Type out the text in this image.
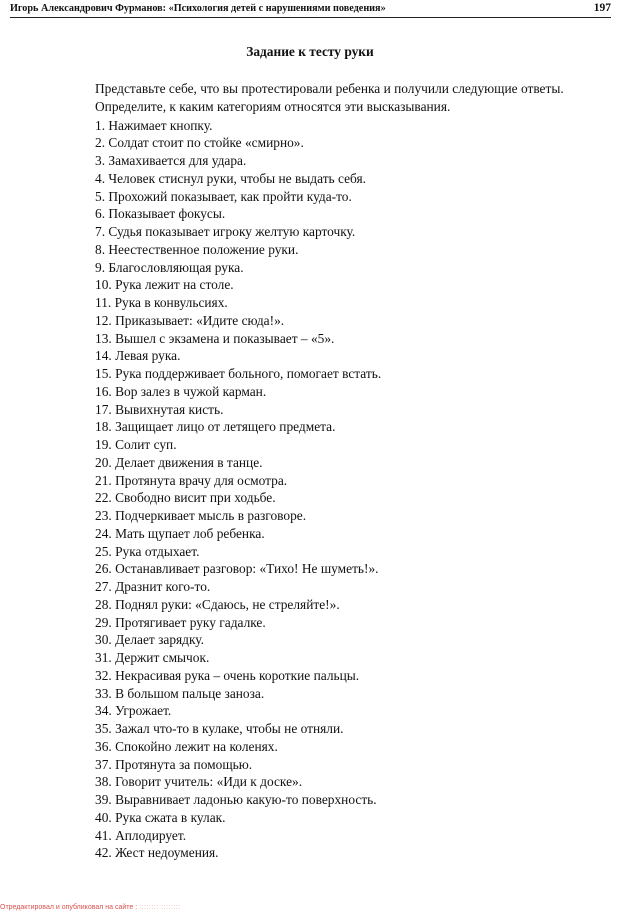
Игорь Александрович Фурманов: «Психология детей с нарушениями поведения»	197
Задание к тесту руки

Представьте себе, что вы протестировали ребенка и получили следующие ответы.

Определите, к каким категориям относятся эти высказывания.

1. Нажимает кнопку.
2. Солдат стоит по стойке «смирно».
3. Замахивается для удара.
4. Человек стиснул руки, чтобы не выдать себя.
5. Прохожий показывает, как пройти куда-то.
6. Показывает фокусы.
7. Судья показывает игроку желтую карточку.
8. Неестественное положение руки.
9. Благословляющая рука.
10. Рука лежит на столе.
11. Рука в конвульсиях.
12. Приказывает: «Идите сюда!».
13. Вышел с экзамена и показывает – «5».
14. Левая рука.
15. Рука поддерживает больного, помогает встать.
16. Вор залез в чужой карман.
17. Вывихнутая кисть.
18. Защищает лицо от летящего предмета.
19. Солит суп.
20. Делает движения в танце.
21. Протянута врачу для осмотра.
22. Свободно висит при ходьбе.
23. Подчеркивает мысль в разговоре.
24. Мать щупает лоб ребенка.
25. Рука отдыхает.
26. Останавливает разговор: «Тихо! Не шуметь!».
27. Дразнит кого-то.
28. Поднял руки: «Сдаюсь, не стреляйте!».
29. Протягивает руку гадалке.
30. Делает зарядку.
31. Держит смычок.
32. Некрасивая рука – очень короткие пальцы.
33. В большом пальце заноза.
34. Угрожает.
35. Зажал что-то в кулаке, чтобы не отняли.
36. Спокойно лежит на коленях.
37. Протянута за помощью.
38. Говорит учитель: «Иди к доске».
39. Выравнивает ладонью какую-то поверхность.
40. Рука сжата в кулак.
41. Аплодирует.
42. Жест недоумения.
Отредактировал и опубликовал на сайте : :::::::: ::::::::
